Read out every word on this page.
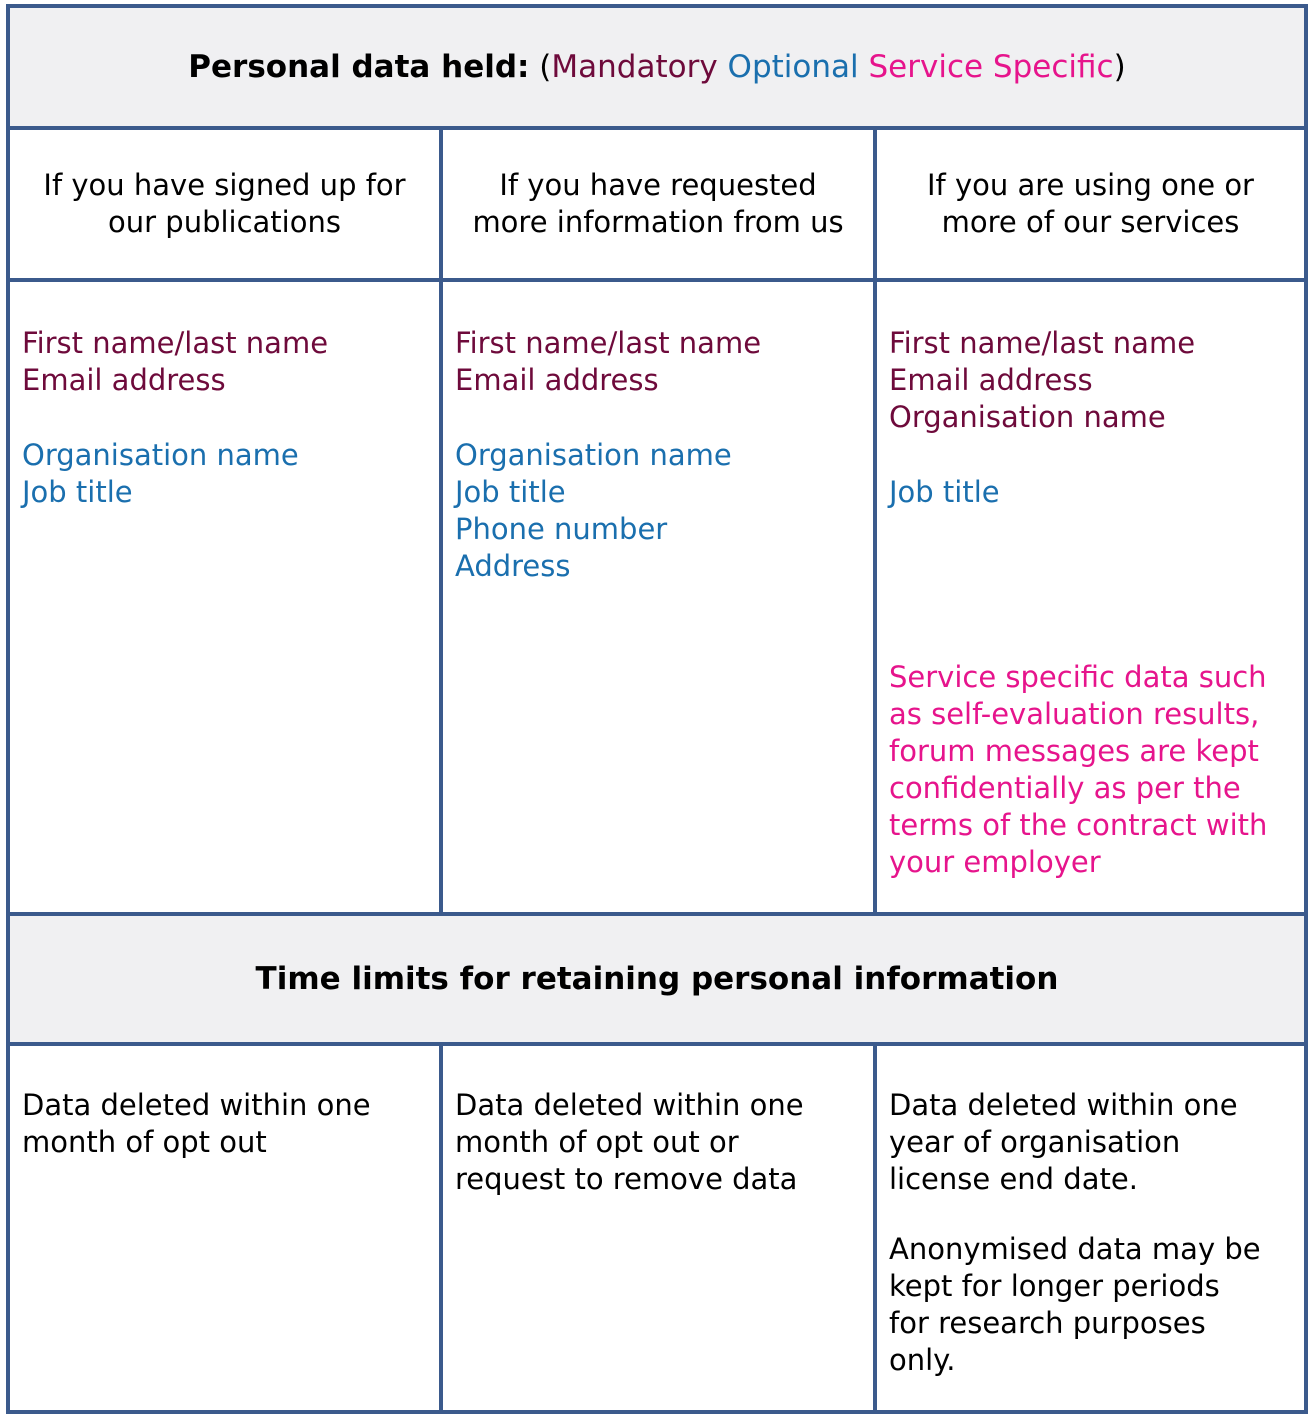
Personal data held: (Mandatory Optional Service Specific)
If you have signed up for
our publications
If you have requested
more information from us
If you are using one or
more of our services
First name/last name
Email address
Organisation name
Job title
First name/last name
Email address
Organisation name
Job title
Phone number
Address
First name/last name
Email address
Organisation name
Job title
Service specific data such
as self-evaluation results,
forum messages are kept
confidentially as per the
terms of the contract with
your employer
Time limits for retaining personal information
Data deleted within one
month of opt out
Data deleted within one
month of opt out or
request to remove data
Data deleted within one
year of organisation
license end date.
Anonymised data may be
kept for longer periods
for research purposes
only.
